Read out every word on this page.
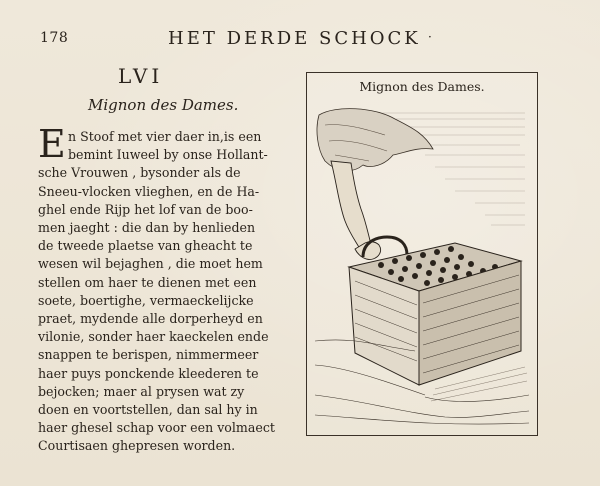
178	HET DERDE SCHOCK ·
LVI
Mignon des Dames.
E n Stoof met vier daer in,is een
bemint Iuweel by onse Hollant-
sche Vrouwen , bysonder als de
Sneeu-vlocken vlieghen, en de Ha-
ghel ende Rijp het lof van de boo-
men jaeght : die dan by henlieden
de tweede plaetse van gheacht te
wesen wil bejaghen , die moet hem
stellen om haer te dienen met een
soete, boertighe, vermaeckelijcke
praet, mydende alle dorperheyd en
vilonie, sonder haer kaeckelen ende
snappen te berispen, nimmermeer
haer puys ponckende kleederen te
bejocken; maer al prysen wat zy
doen en voortstellen, dan sal hy in
haer ghesel schap voor een volmaect
Courtisaen ghepresen worden.
Mignon des Dames.
